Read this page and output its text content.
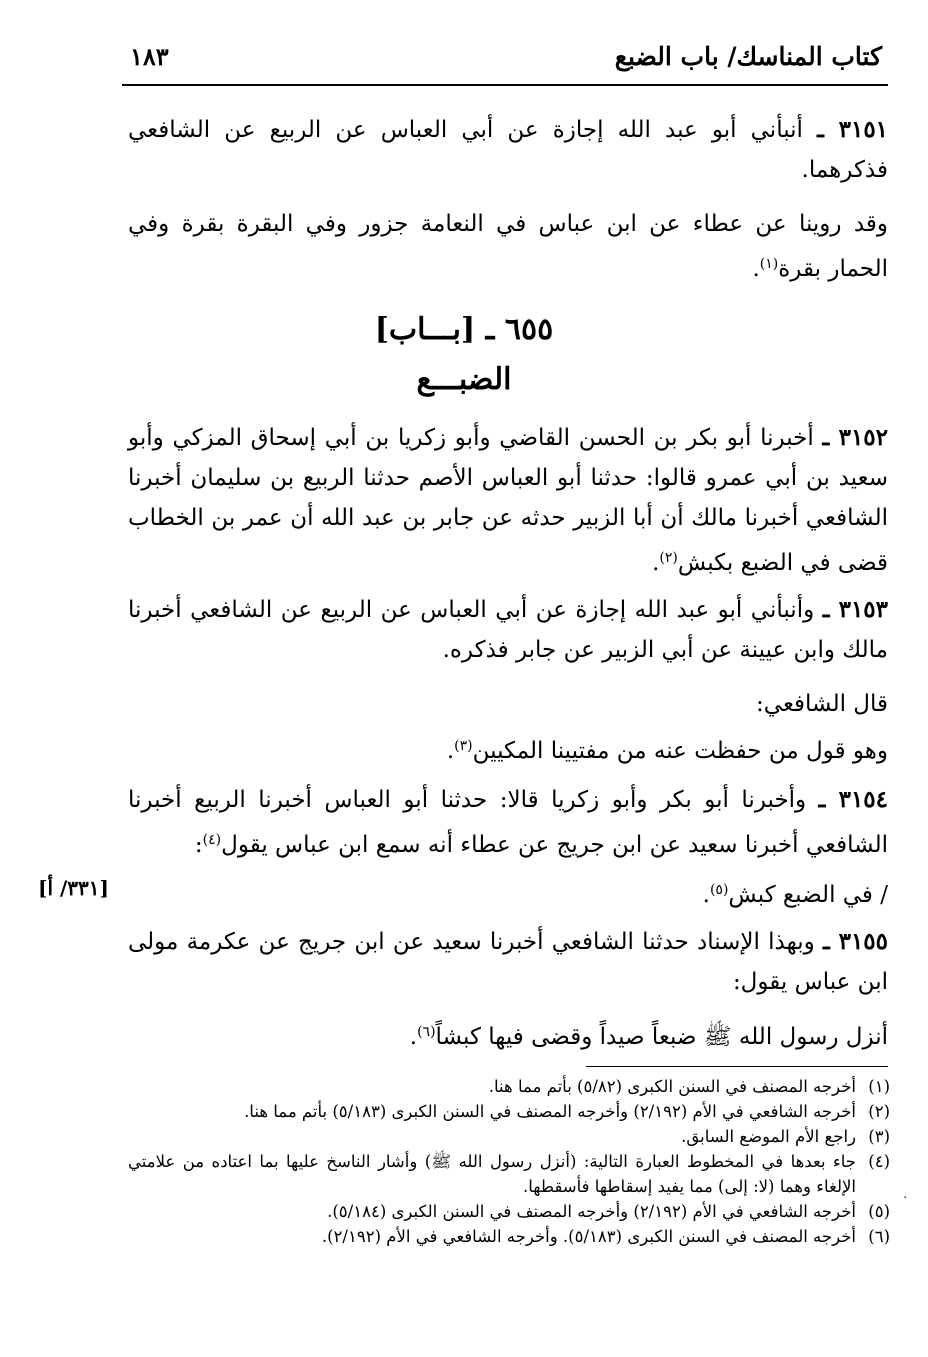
كتاب المناسك/ باب الضبع
١٨٣
٣١٥١ ـ أنبأني أبو عبد الله إجازة عن أبي العباس عن الربيع عن الشافعي فذكرهما.
وقد روينا عن عطاء عن ابن عباس في النعامة جزور وفي البقرة بقرة وفي الحمار بقرة$^{(١)}$.
٦٥٥ ـ [بـــاب]
الضبـــع
٣١٥٢ ـ أخبرنا أبو بكر بن الحسن القاضي وأبو زكريا بن أبي إسحاق المزكي وأبو سعيد بن أبي عمرو قالوا: حدثنا أبو العباس الأصم حدثنا الربيع بن سليمان أخبرنا الشافعي أخبرنا مالك أن أبا الزبير حدثه عن جابر بن عبد الله أن عمر بن الخطاب قضى في الضبع بكبش$^{(٢)}$.
٣١٥٣ ـ وأنبأني أبو عبد الله إجازة عن أبي العباس عن الربيع عن الشافعي أخبرنا مالك وابن عيينة عن أبي الزبير عن جابر فذكره.
قال الشافعي:
وهو قول من حفظت عنه من مفتيينا المكيين$^{(٣)}$.
٣١٥٤ ـ وأخبرنا أبو بكر وأبو زكريا قالا: حدثنا أبو العباس أخبرنا الربيع أخبرنا الشافعي أخبرنا سعيد عن ابن جريج عن عطاء أنه سمع ابن عباس يقول$^{(٤)}$:
/ في الضبع كبش$^{(٥)}$.
[٣٣١/ أ]
٣١٥٥ ـ وبهذا الإسناد حدثنا الشافعي أخبرنا سعيد عن ابن جريج عن عكرمة مولى ابن عباس يقول:
أنزل رسول الله ﷺ ضبعاً صيداً وقضى فيها كبشاً$^{(٦)}$.
(١)
أخرجه المصنف في السنن الكبرى (٥/٨٢) بأتم مما هنا.
(٢)
أخرجه الشافعي في الأم (٢/١٩٢) وأخرجه المصنف في السنن الكبرى (٥/١٨٣) بأتم مما هنا.
(٣)
راجع الأم الموضع السابق.
(٤)
جاء بعدها في المخطوط العبارة التالية: (أنزل رسول الله ﷺ) وأشار الناسخ عليها بما اعتاده من علامتي الإلغاء وهما (لا: إلى) مما يفيد إسقاطها فأسقطها.
(٥)
أخرجه الشافعي في الأم (٢/١٩٢) وأخرجه المصنف في السنن الكبرى (٥/١٨٤).
(٦)
أخرجه المصنف في السنن الكبرى (٥/١٨٣). وأخرجه الشافعي في الأم (٢/١٩٢).
·
